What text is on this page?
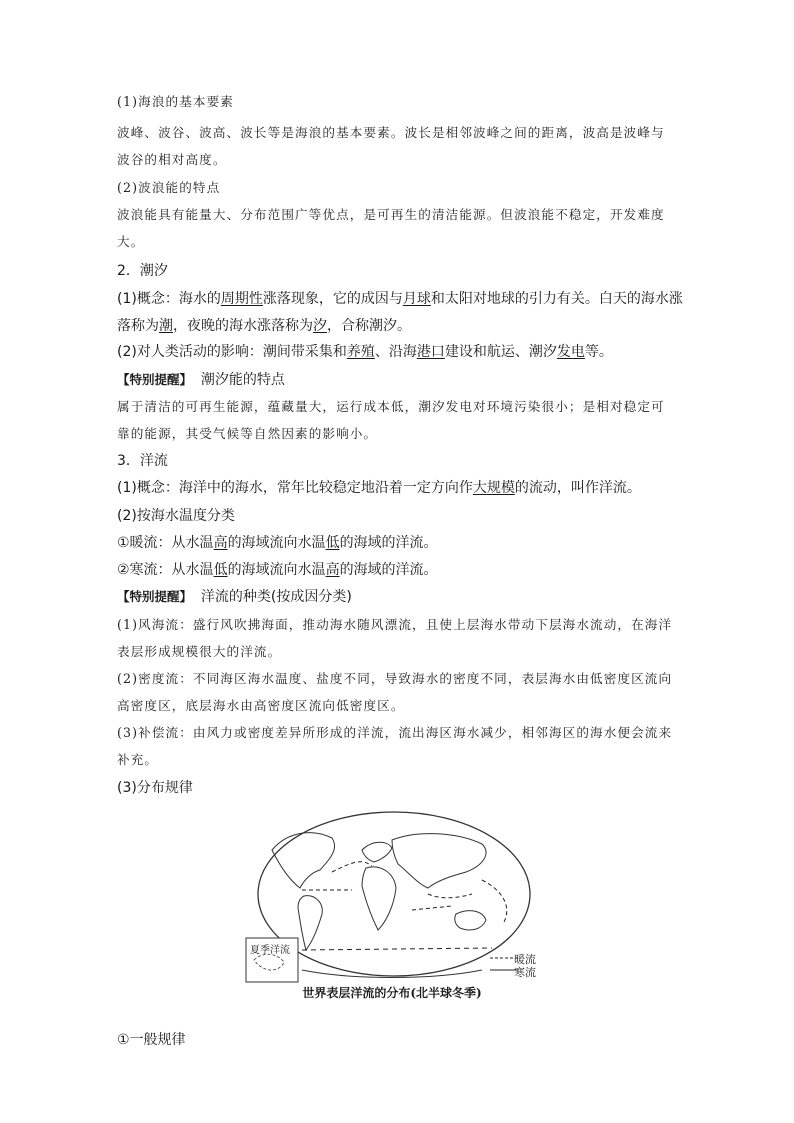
(1)海浪的基本要素
波峰、波谷、波高、波长等是海浪的基本要素。波长是相邻波峰之间的距离，波高是波峰与
波谷的相对高度。
(2)波浪能的特点
波浪能具有能量大、分布范围广等优点，是可再生的清洁能源。但波浪能不稳定，开发难度
大。
2．潮汐
(1)概念：海水的周期性涨落现象，它的成因与月球和太阳对地球的引力有关。白天的海水涨
落称为潮，夜晚的海水涨落称为汐，合称潮汐。
(2)对人类活动的影响：潮间带采集和养殖、沿海港口建设和航运、潮汐发电等。
【特别提醒】 潮汐能的特点
属于清洁的可再生能源，蕴藏量大，运行成本低，潮汐发电对环境污染很小；是相对稳定可
靠的能源，其受气候等自然因素的影响小。
3．洋流
(1)概念：海洋中的海水，常年比较稳定地沿着一定方向作大规模的流动，叫作洋流。
(2)按海水温度分类
①暖流：从水温高的海域流向水温低的海域的洋流。
②寒流：从水温低的海域流向水温高的海域的洋流。
【特别提醒】 洋流的种类(按成因分类)
(1)风海流：盛行风吹拂海面，推动海水随风漂流，且使上层海水带动下层海水流动，在海洋
表层形成规模很大的洋流。
(2)密度流：不同海区海水温度、盐度不同，导致海水的密度不同，表层海水由低密度区流向
高密度区，底层海水由高密度区流向低密度区。
(3)补偿流：由风力或密度差异所形成的洋流，流出海区海水减少，相邻海区的海水便会流来
补充。
(3)分布规律
夏季洋流
暖流
寒流
世界表层洋流的分布(北半球冬季)
①一般规律
